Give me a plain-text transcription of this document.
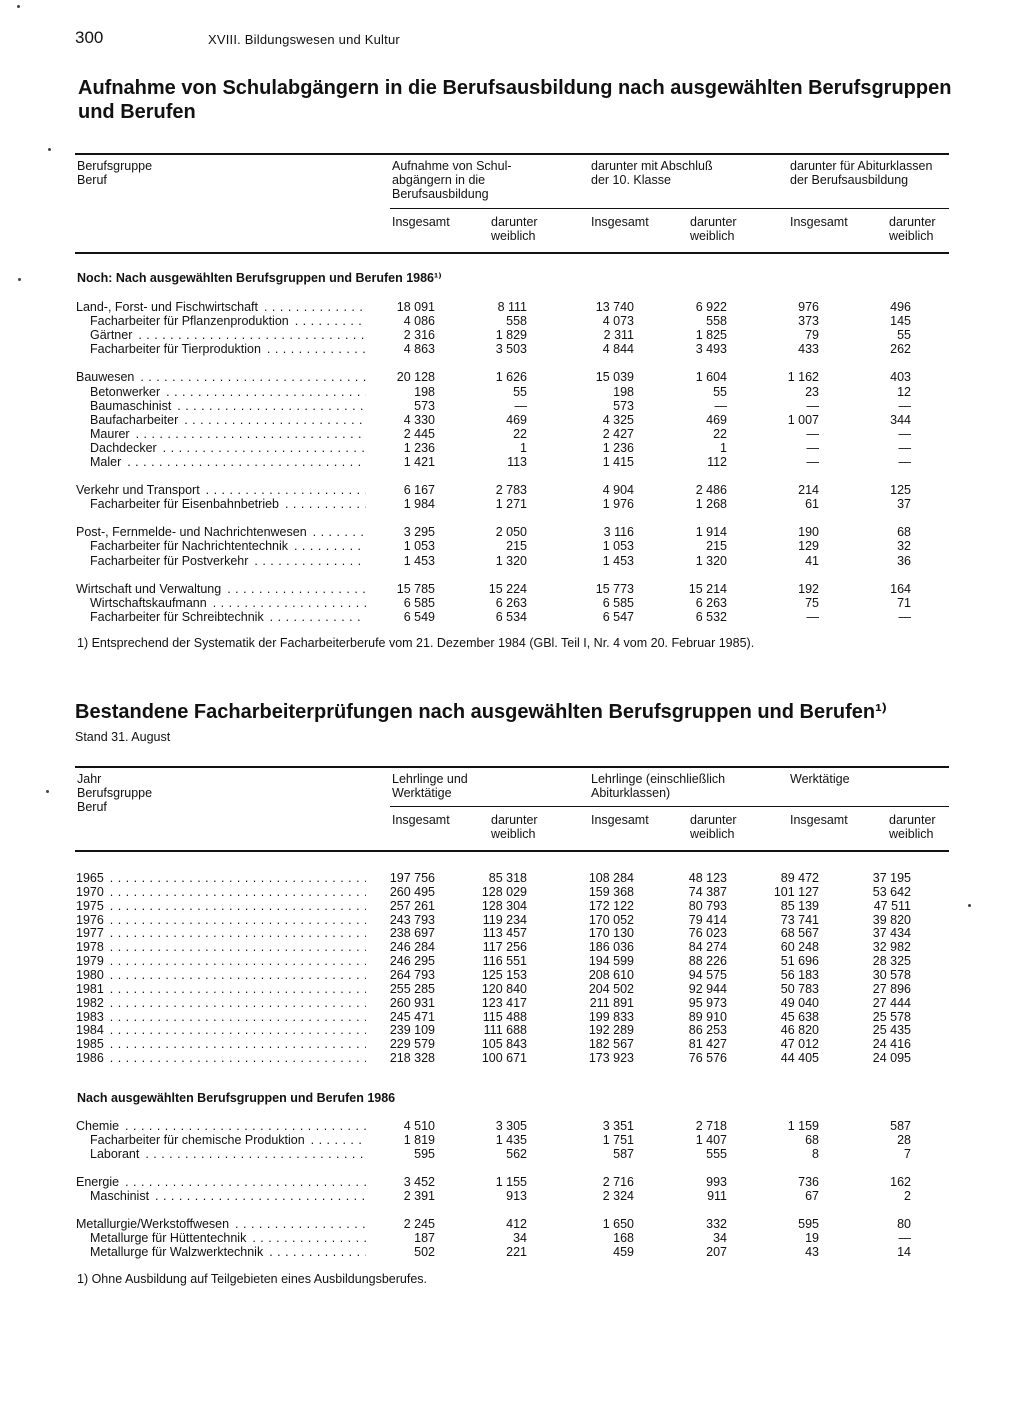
300	XVIII. Bildungswesen und Kultur
Aufnahme von Schulabgängern in die Berufsausbildung nach ausgewählten Berufsgruppen
und Berufen
Berufsgruppe
Beruf
Aufnahme von Schul-
abgängern in die
Berufsausbildung
darunter mit Abschluß
der 10. Klasse
darunter für Abiturklassen
der Berufsausbildung
Insgesamt	darunter
weiblich
Insgesamt	darunter
weiblich
Insgesamt	darunter
weiblich
Noch: Nach ausgewählten Berufsgruppen und Berufen 1986¹⁾
Land-, Forst- und Fischwirtschaft . . .	18 091	8 111	13 740	6 922	976	496
Facharbeiter für Pflanzenproduktion . . .	4 086	558	4 073	558	373	145
Gärtner . . .	2 316	1 829	2 311	1 825	79	55
Facharbeiter für Tierproduktion . . .	4 863	3 503	4 844	3 493	433	262
Bauwesen . . .	20 128	1 626	15 039	1 604	1 162	403
Betonwerker . . .	198	55	198	55	23	12
Baumaschinist . . .	573	—	573	—	—	—
Baufacharbeiter . . .	4 330	469	4 325	469	1 007	344
Maurer . . .	2 445	22	2 427	22	—	—
Dachdecker . . .	1 236	1	1 236	1	—	—
Maler . . .	1 421	113	1 415	112	—	—
Verkehr und Transport . . .	6 167	2 783	4 904	2 486	214	125
Facharbeiter für Eisenbahnbetrieb . . .	1 984	1 271	1 976	1 268	61	37
Post-, Fernmelde- und Nachrichtenwesen . . .	3 295	2 050	3 116	1 914	190	68
Facharbeiter für Nachrichtentechnik . . .	1 053	215	1 053	215	129	32
Facharbeiter für Postverkehr . . .	1 453	1 320	1 453	1 320	41	36
Wirtschaft und Verwaltung . . .	15 785	15 224	15 773	15 214	192	164
Wirtschaftskaufmann . . .	6 585	6 263	6 585	6 263	75	71
Facharbeiter für Schreibtechnik . . .	6 549	6 534	6 547	6 532	—	—
1) Entsprechend der Systematik der Facharbeiterberufe vom 21. Dezember 1984 (GBl. Teil I, Nr. 4 vom 20. Februar 1985).
Bestandene Facharbeiterprüfungen nach ausgewählten Berufsgruppen und Berufen¹⁾
Stand 31. August
Jahr
Berufsgruppe
Beruf
Lehrlinge und
Werktätige
Lehrlinge (einschließlich
Abiturklassen)
Werktätige
Insgesamt	darunter
weiblich
Insgesamt	darunter
weiblich
Insgesamt	darunter
weiblich
1965 . . .	197 756	85 318	108 284	48 123	89 472	37 195
1970 . . .	260 495	128 029	159 368	74 387	101 127	53 642
1975 . . .	257 261	128 304	172 122	80 793	85 139	47 511
1976 . . .	243 793	119 234	170 052	79 414	73 741	39 820
1977 . . .	238 697	113 457	170 130	76 023	68 567	37 434
1978 . . .	246 284	117 256	186 036	84 274	60 248	32 982
1979 . . .	246 295	116 551	194 599	88 226	51 696	28 325
1980 . . .	264 793	125 153	208 610	94 575	56 183	30 578
1981 . . .	255 285	120 840	204 502	92 944	50 783	27 896
1982 . . .	260 931	123 417	211 891	95 973	49 040	27 444
1983 . . .	245 471	115 488	199 833	89 910	45 638	25 578
1984 . . .	239 109	111 688	192 289	86 253	46 820	25 435
1985 . . .	229 579	105 843	182 567	81 427	47 012	24 416
1986 . . .	218 328	100 671	173 923	76 576	44 405	24 095
Nach ausgewählten Berufsgruppen und Berufen 1986
Chemie . . .	4 510	3 305	3 351	2 718	1 159	587
Facharbeiter für chemische Produktion . . .	1 819	1 435	1 751	1 407	68	28
Laborant . . .	595	562	587	555	8	7
Energie . . .	3 452	1 155	2 716	993	736	162
Maschinist . . .	2 391	913	2 324	911	67	2
Metallurgie/Werkstoffwesen . . .	2 245	412	1 650	332	595	80
Metallurge für Hüttentechnik . . .	187	34	168	34	19	—
Metallurge für Walzwerktechnik . . .	502	221	459	207	43	14
1) Ohne Ausbildung auf Teilgebieten eines Ausbildungsberufes.
